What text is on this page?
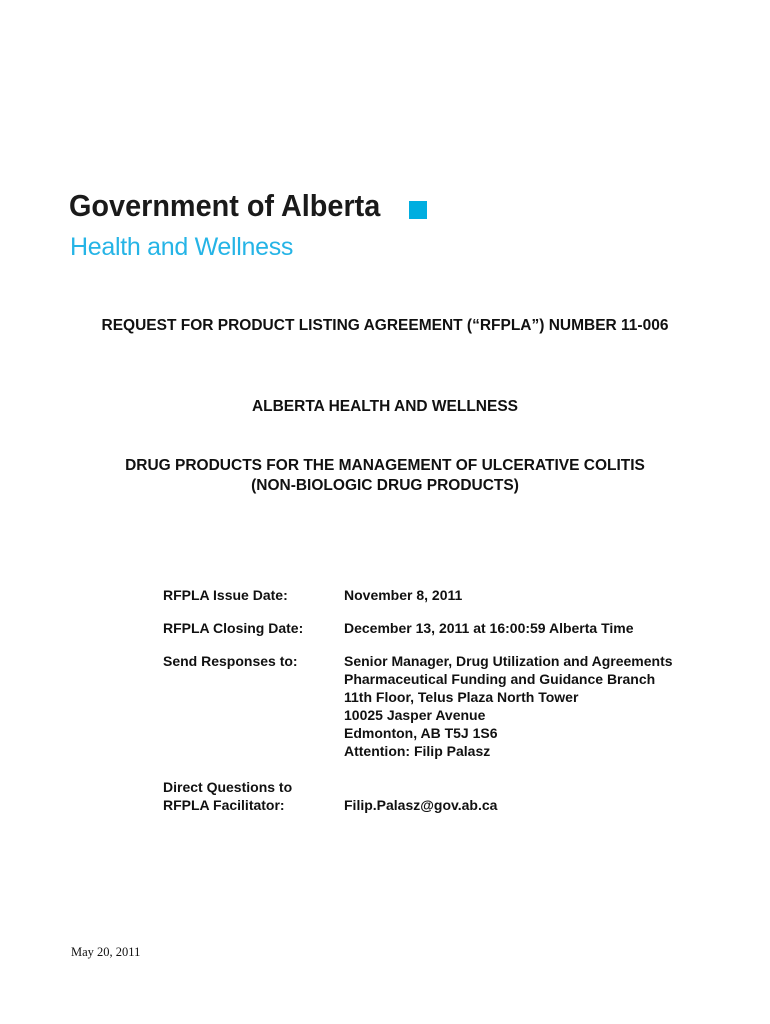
Government of Alberta
Health and Wellness
REQUEST FOR PRODUCT LISTING AGREEMENT (“RFPLA”) NUMBER 11-006
ALBERTA HEALTH AND WELLNESS
DRUG PRODUCTS FOR THE MANAGEMENT OF ULCERATIVE COLITIS
(NON-BIOLOGIC DRUG PRODUCTS)
RFPLA Issue Date:	November 8, 2011
RFPLA Closing Date:	December 13, 2011 at 16:00:59 Alberta Time
Send Responses to:	Senior Manager, Drug Utilization and Agreements
Pharmaceutical Funding and Guidance Branch
11th Floor, Telus Plaza North Tower
10025 Jasper Avenue
Edmonton, AB T5J 1S6
Attention: Filip Palasz
Direct Questions to
RFPLA Facilitator:	Filip.Palasz@gov.ab.ca
May 20, 2011
